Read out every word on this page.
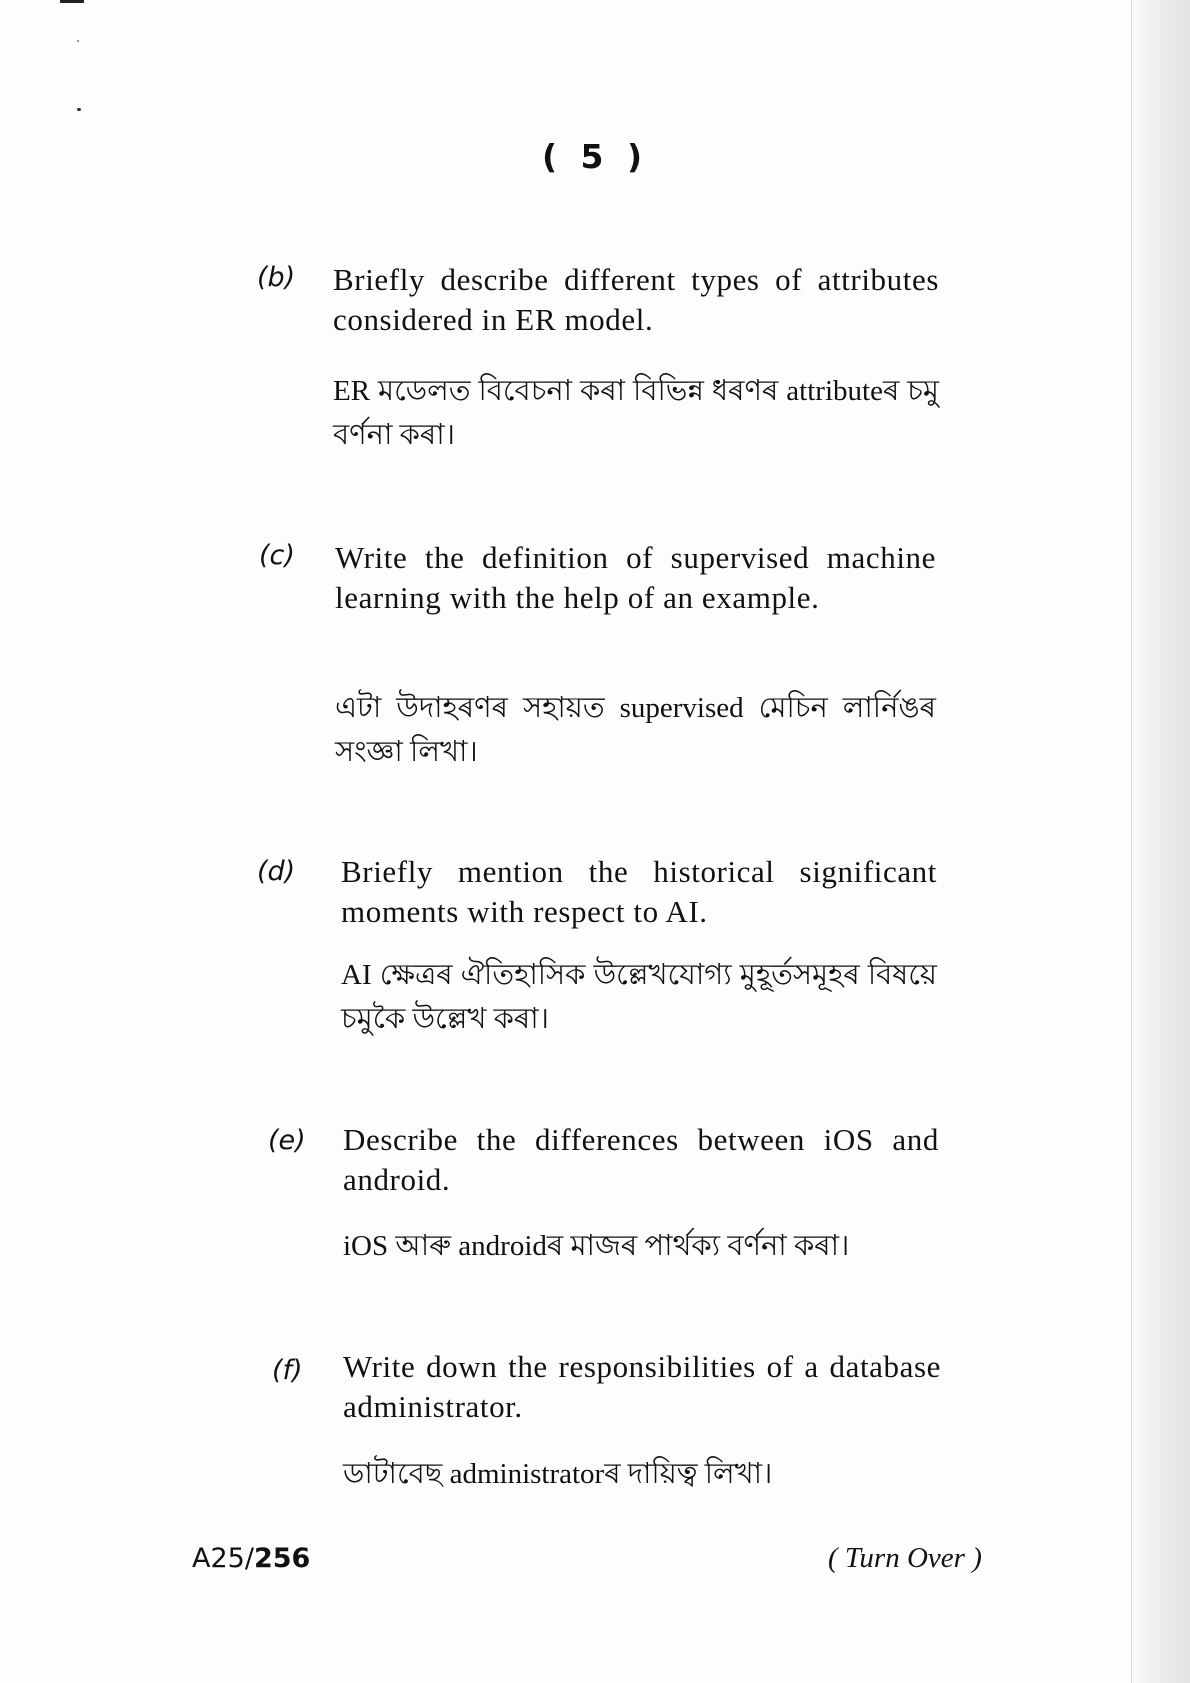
( 5 )
(b)	Briefly describe different types of attributes considered in ER model.
ER মডেলত বিবেচনা কৰা বিভিন্ন ধৰণৰ attributeৰ চমু বৰ্ণনা কৰা।
(c)	Write the definition of supervised machine learning with the help of an example.
এটা উদাহৰণৰ সহায়ত supervised মেচিন লাৰ্নিঙৰ সংজ্ঞা লিখা।
(d)	Briefly mention the historical significant moments with respect to AI.
AI ক্ষেত্ৰৰ ঐতিহাসিক উল্লেখযোগ্য মুহূৰ্তসমূহৰ বিষয়ে চমুকৈ উল্লেখ কৰা।
(e)	Describe the differences between iOS and android.
iOS আৰু androidৰ মাজৰ পাৰ্থক্য বৰ্ণনা কৰা।
(f)	Write down the responsibilities of a database administrator.
ডাটাবেছ administratorৰ দায়িত্ব লিখা।
A25/256	( Turn Over )
